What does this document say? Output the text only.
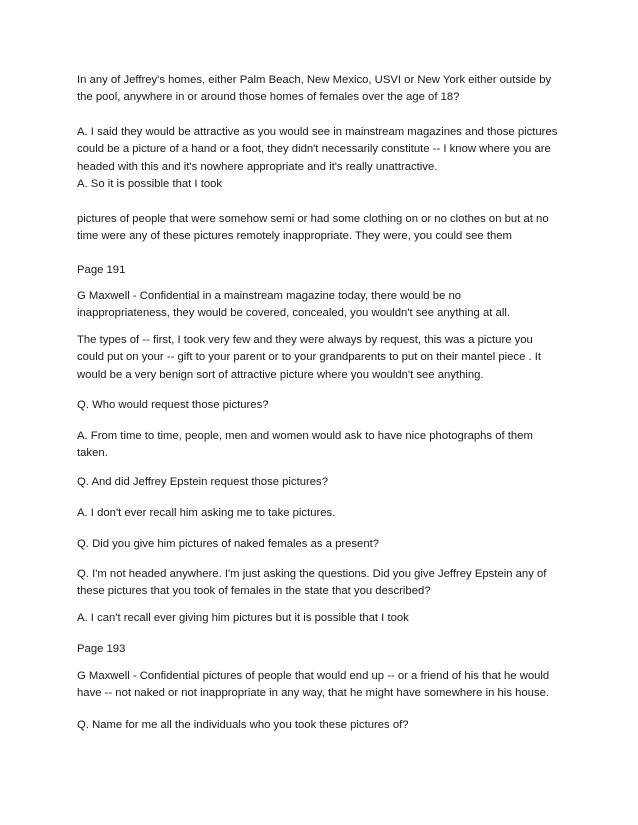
In any of Jeffrey's homes, either Palm Beach, New Mexico, USVI or New York either outside by
the pool, anywhere in or around those homes of females over the age of 18?

A. I said they would be attractive as you would see in mainstream magazines and those pictures
could be a picture of a hand or a foot, they didn't necessarily constitute -- I know where you are
headed with this and it's nowhere appropriate and it's really unattractive.

A. So it is possible that I took

pictures of people that were somehow semi or had some clothing on or no clothes on but at no
time were any of these pictures remotely inappropriate. They were, you could see them

Page 191

G Maxwell - Confidential in a mainstream magazine today, there would be no
inappropriateness, they would be covered, concealed, you wouldn't see anything at all.

The types of -- first, I took very few and they were always by request, this was a picture you
could put on your -- gift to your parent or to your grandparents to put on their mantel piece . It
would be a very benign sort of attractive picture where you wouldn't see anything.

Q. Who would request those pictures?

A. From time to time, people, men and women would ask to have nice photographs of them
taken.

Q. And did Jeffrey Epstein request those pictures?

A. I don't ever recall him asking me to take pictures.

Q. Did you give him pictures of naked females as a present?

Q. I'm not headed anywhere. I'm just asking the questions. Did you give Jeffrey Epstein any of
these pictures that you took of females in the state that you described?

A. I can't recall ever giving him pictures but it is possible that I took

Page 193

G Maxwell - Confidential pictures of people that would end up -- or a friend of his that he would
have -- not naked or not inappropriate in any way, that he might have somewhere in his house.

Q. Name for me all the individuals who you took these pictures of?
